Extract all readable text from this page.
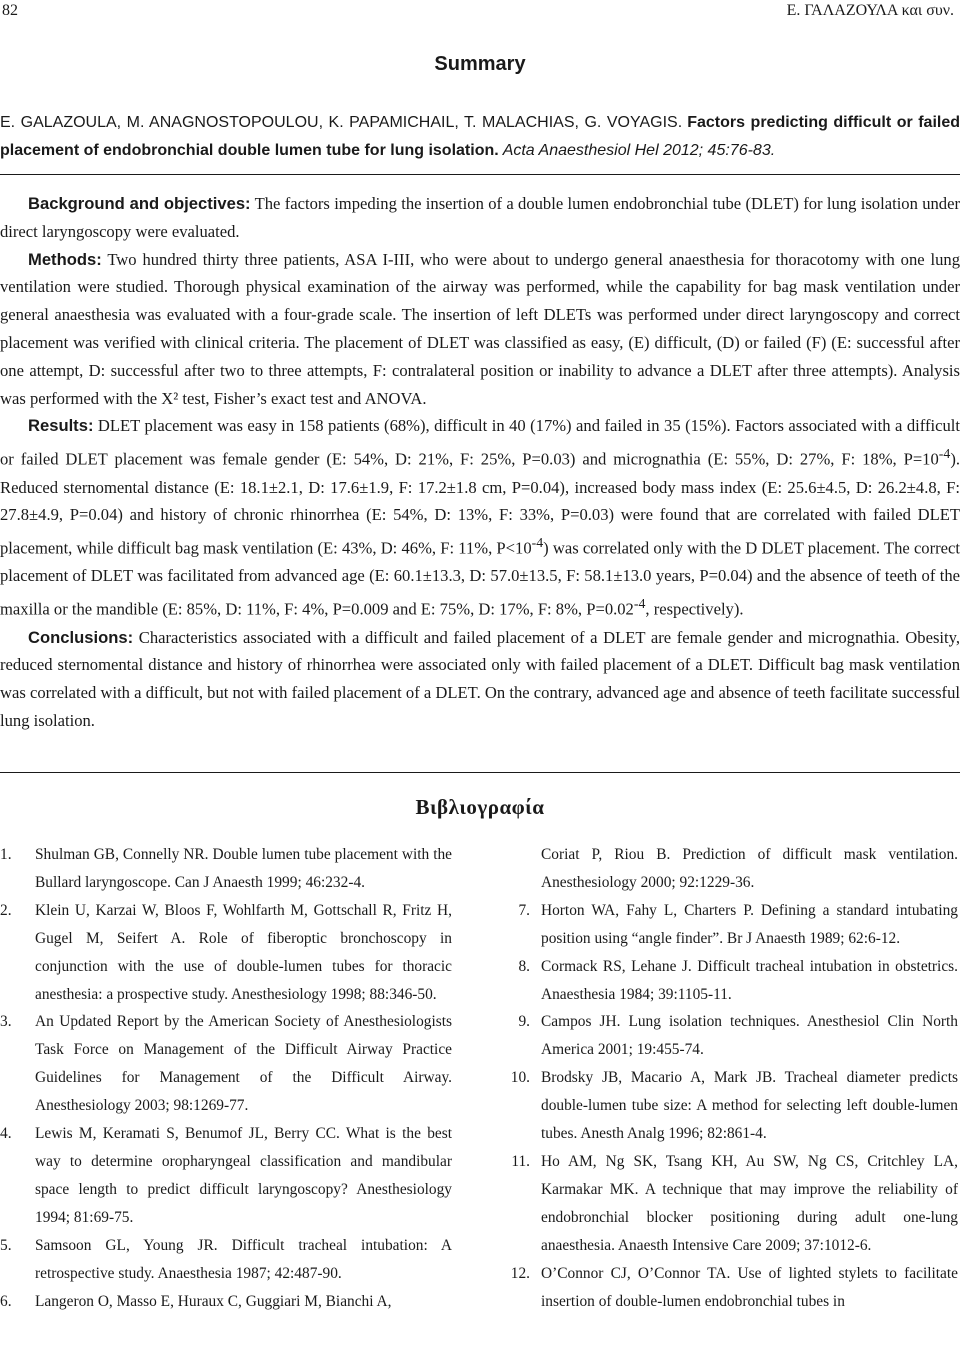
82	Ε. ΓΑΛΑΖΟΥΛΑ και συν.
Summary
E. GALAZOULA, M. ANAGNOSTOPOULOU, K. PAPAMICHAIL, T. MALACHIAS, G. VOYAGIS. Factors predicting difficult or failed placement of endobronchial double lumen tube for lung isolation. Acta Anaesthesiol Hel 2012; 45:76-83.

Background and objectives: The factors impeding the insertion of a double lumen endobronchial tube (DLET) for lung isolation under direct laryngoscopy were evaluated.

Methods: Two hundred thirty three patients, ASA I-III, who were about to undergo general anaesthesia for thoracotomy with one lung ventilation were studied. Thorough physical examination of the airway was performed, while the capability for bag mask ventilation under general anaesthesia was evaluated with a four-grade scale. The insertion of left DLETs was performed under direct laryngoscopy and correct placement was verified with clinical criteria. The placement of DLET was classified as easy, (E) difficult, (D) or failed (F) (E: successful after one attempt, D: successful after two to three attempts, F: contralateral position or inability to advance a DLET after three attempts). Analysis was performed with the X² test, Fisher’s exact test and ANOVA.

Results: DLET placement was easy in 158 patients (68%), difficult in 40 (17%) and failed in 35 (15%). Factors associated with a difficult or failed DLET placement was female gender (E: 54%, D: 21%, F: 25%, P=0.03) and micrognathia (E: 55%, D: 27%, F: 18%, $P=10^{-4}$). Reduced sternomental distance (E: 18.1±2.1, D: 17.6±1.9, F: 17.2±1.8 cm, P=0.04), increased body mass index (E: 25.6±4.5, D: 26.2±4.8, F: 27.8±4.9, P=0.04) and history of chronic rhinorrhea (E: 54%, D: 13%, F: 33%, P=0.03) were found that are correlated with failed DLET placement, while difficult bag mask ventilation (E: 43%, D: 46%, F: 11%, $P<10^{-4}$) was correlated only with the D DLET placement. The correct placement of DLET was facilitated from advanced age (E: 60.1±13.3, D: 57.0±13.5, F: 58.1±13.0 years, P=0.04) and the absence of teeth of the maxilla or the mandible (E: 85%, D: 11%, F: 4%, P=0.009 and E: 75%, D: 17%, F: 8%, $P=0.02^{-4}$, respectively).

Conclusions: Characteristics associated with a difficult and failed placement of a DLET are female gender and micrognathia. Obesity, reduced sternomental distance and history of rhinorrhea were associated only with failed placement of a DLET. Difficult bag mask ventilation was correlated with a difficult, but not with failed placement of a DLET. On the contrary, advanced age and absence of teeth facilitate successful lung isolation.

Βιβλιογραφία
1.	Shulman GB, Connelly NR. Double lumen tube placement with the Bullard laryngoscope. Can J Anaesth 1999; 46:232-4.
2.	Klein U, Karzai W, Bloos F, Wohlfarth M, Gottschall R, Fritz H, Gugel M, Seifert A. Role of fiberoptic bronchoscopy in conjunction with the use of double-lumen tubes for thoracic anesthesia: a prospective study. Anesthesiology 1998; 88:346-50.
3.	An Updated Report by the American Society of Anesthesiologists Task Force on Management of the Difficult Airway Practice Guidelines for Management of the Difficult Airway. Anesthesiology 2003; 98:1269-77.
4.	Lewis M, Keramati S, Benumof JL, Berry CC. What is the best way to determine oropharyngeal classification and mandibular space length to predict difficult laryngoscopy? Anesthesiology 1994; 81:69-75.
5.	Samsoon GL, Young JR. Difficult tracheal intubation: A retrospective study. Anaesthesia 1987; 42:487-90.
6.	Langeron O, Masso E, Huraux C, Guggiari M, Bianchi A,
Coriat P, Riou B. Prediction of difficult mask ventilation. Anesthesiology 2000; 92:1229-36.
7. Horton WA, Fahy L, Charters P. Defining a standard intubating position using “angle finder”. Br J Anaesth 1989; 62:6-12.
8. Cormack RS, Lehane J. Difficult tracheal intubation in obstetrics. Anaesthesia 1984; 39:1105-11.
9. Campos JH. Lung isolation techniques. Anesthesiol Clin North America 2001; 19:455-74.
10. Brodsky JB, Macario A, Mark JB. Tracheal diameter predicts double-lumen tube size: A method for selecting left double-lumen tubes. Anesth Analg 1996; 82:861-4.
11. Ho AM, Ng SK, Tsang KH, Au SW, Ng CS, Critchley LA, Karmakar MK. A technique that may improve the reliability of endobronchial blocker positioning during adult one-lung anaesthesia. Anaesth Intensive Care 2009; 37:1012-6.
12. O’Connor CJ, O’Connor TA. Use of lighted stylets to facilitate insertion of double-lumen endobronchial tubes in
